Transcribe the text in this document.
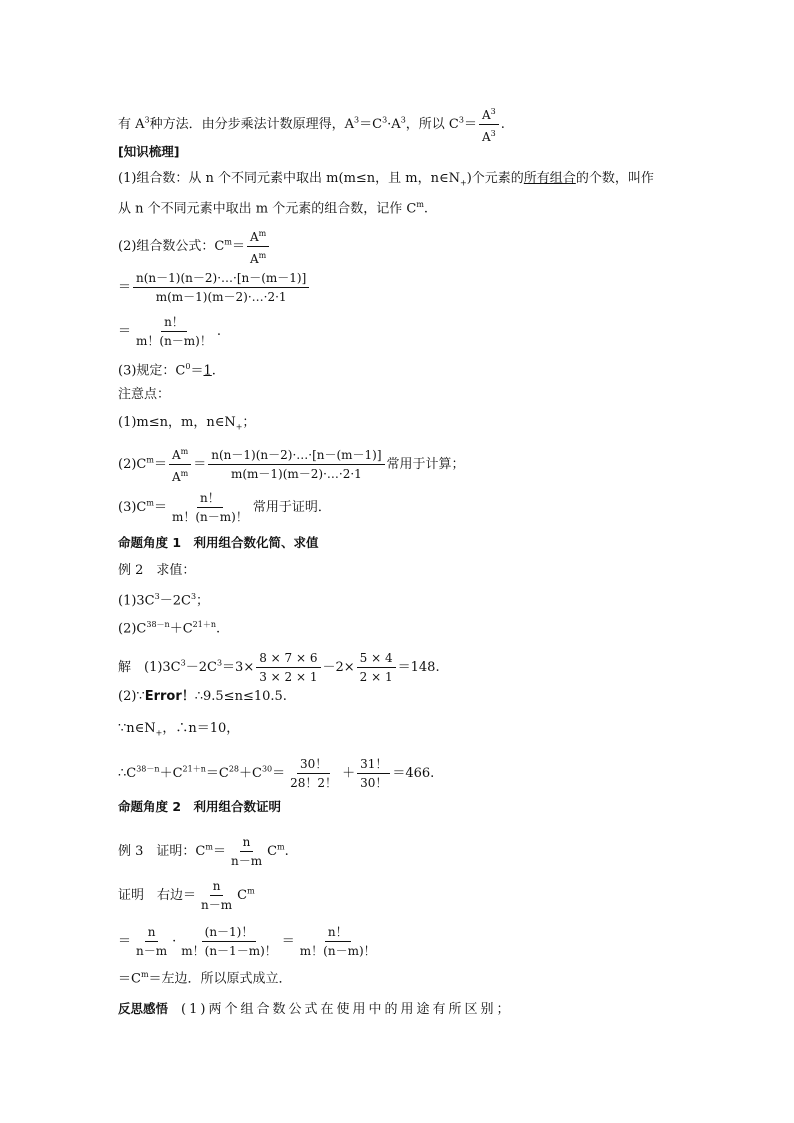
有 $A^3$种方法．由分步乘法计数原理得，$A^3=C^3\cdot A^3$，所以 $C^3= \frac{A^3}{A^3}$ .
[知识梳理]
(1)组合数：从 n 个不同元素中取出 m(m≤n，且 m，$n\in N_+$)个元素的所有组合的个数，叫作
从 n 个不同元素中取出 m 个元素的组合数，记作 $C^m$.
(2)组合数公式：$C^m= \frac{A^m}{A^m}$
＝ $\frac{n(n-1)(n-2)\cdot\dots\cdot[n-(m-1)]}{m(m-1)(m-2)\cdot\dots\cdot 2\cdot 1}$
＝ $\frac{n!}{m!(n-m)!}$ .
(3)规定：$C^0=1$.
注意点：
(1)m≤n，m，$n\in N_+$；
$(2)C^m= \frac{A^m}{A^m} = \frac{n(n-1)(n-2)\cdot\dots\cdot[n-(m-1)]}{m(m-1)(m-2)\cdot\dots\cdot 2\cdot 1}$ 常用于计算；
$(3)C^m= \frac{n!}{m!(n-m)!}$ 常用于证明．
命题角度 1　利用组合数化简、求值
例 2　求值：
$(1)3C^3-2C^3$；
$(2)C^{38-n}+C^{21+n}$.
解　$(1)3C^3-2C^3=3\times \frac{8 \times 7 \times 6}{3 \times 2 \times 1} -2\times \frac{5 \times 4}{2 \times 1} =148$.
(2)∵Error！∴9.5≤n≤10.5.
$\because n\in N_+$，∴n＝10，
$\therefore C^{38-n}+C^{21+n}=C^{28}+C^{30}= \frac{30!}{28!2!} + \frac{31!}{30!} =466$.
命题角度 2　利用组合数证明
例 3　证明：$C^m= \frac{n}{n-m} C^m$.
证明　右边＝ $\frac{n}{n-m} C^m$
＝ $\frac{n}{n-m} \cdot \frac{(n-1)!}{m!(n-1-m)!} = \frac{n!}{m!(n-m)!}$
$=C^m=$左边．所以原式成立．
反思感悟　 (1)两个组合数公式在使用中的用途有所区别；
